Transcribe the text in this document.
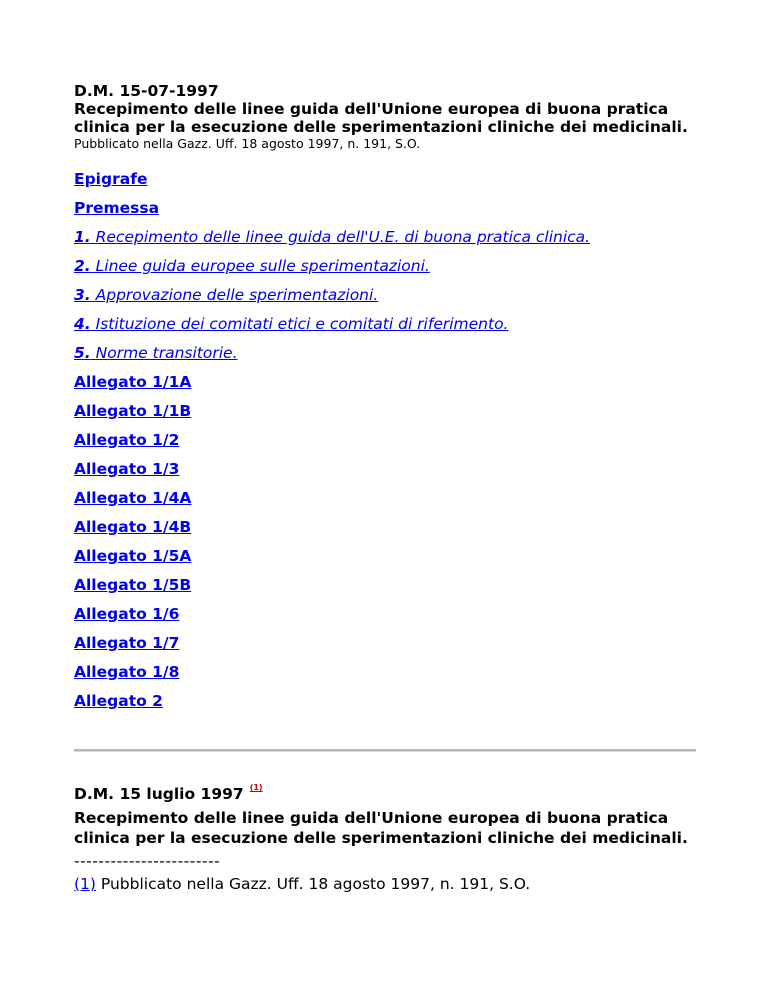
D.M. 15-07-1997

Recepimento delle linee guida dell'Unione europea di buona pratica clinica per la esecuzione delle sperimentazioni cliniche dei medicinali.

Pubblicato nella Gazz. Uff. 18 agosto 1997, n. 191, S.O.

Epigrafe
Premessa
1. Recepimento delle linee guida dell'U.E. di buona pratica clinica.
2. Linee guida europee sulle sperimentazioni.
3. Approvazione delle sperimentazioni.
4. Istituzione dei comitati etici e comitati di riferimento.
5. Norme transitorie.
Allegato 1/1A
Allegato 1/1B
Allegato 1/2
Allegato 1/3
Allegato 1/4A
Allegato 1/4B
Allegato 1/5A
Allegato 1/5B
Allegato 1/6
Allegato 1/7
Allegato 1/8
Allegato 2
D.M. 15 luglio 1997 $^{(1)}$

Recepimento delle linee guida dell'Unione europea di buona pratica clinica per la esecuzione delle sperimentazioni cliniche dei medicinali.

------------------------
(1) Pubblicato nella Gazz. Uff. 18 agosto 1997, n. 191, S.O.
